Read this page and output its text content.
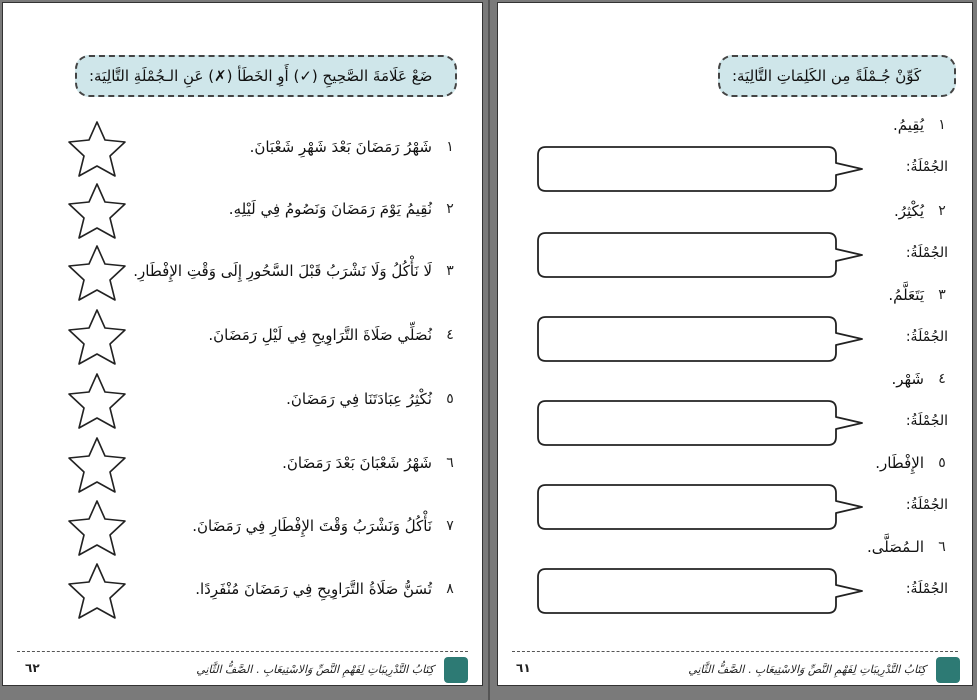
ضَعْ عَلَامَةَ الصَّحِيحِ (✓) أَوِ الخَطَأ (✗) عَنِ الـجُمْلَةِ التَّالِيَة:
١
شَهْرُ رَمَضَانَ بَعْدَ شَهْرِ شَعْبَانَ.
٢
نُقِيمُ يَوْمَ رَمَضَانَ وَنَصُومُ فِي لَيْلِهِ.
٣
لَا نَأْكُلُ وَلَا نَشْرَبُ قَبْلَ السَّحُورِ إِلَى وَقْتِ الإِفْطَارِ.
٤
نُصَلِّي صَلَاةَ التَّرَاوِيحِ فِي لَيْلِ رَمَضَانَ.
٥
نُكْثِرُ عِبَادَتَنَا فِي رَمَضَانَ.
٦
شَهْرُ شَعْبَانَ بَعْدَ رَمَضَانَ.
٧
نَأْكُلُ وَنَشْرَبُ وَقْتَ الإِفْطَارِ فِي رَمَضَانَ.
٨
تُسَنُّ صَلَاةُ التَّرَاوِيحِ فِي رَمَضَانَ مُنْفَرِدًا.
٦٢	كِتَابُ التَّدْرِيبَاتِ لِفَهْمِ النَّصِّ وَالاسْتِيعَابِ . الصَّفُّ الثَّانِي
كَوِّنْ جُـمْلَةً مِن الكَلِمَاتِ التَّالِيَة:
١
يُقِيمُ.
الجُمْلَةُ:
٢
يُكْثِرُ.
الجُمْلَةُ:
٣
يَتَعَلَّمُ.
الجُمْلَةُ:
٤
شَهْر.
الجُمْلَةُ:
٥
الإِفْطَار.
الجُمْلَةُ:
٦
الـمُصَلَّى.
الجُمْلَةُ:
٦١	كِتَابُ التَّدْرِيبَاتِ لِفَهْمِ النَّصِّ وَالاسْتِيعَابِ . الصَّفُّ الثَّانِي
